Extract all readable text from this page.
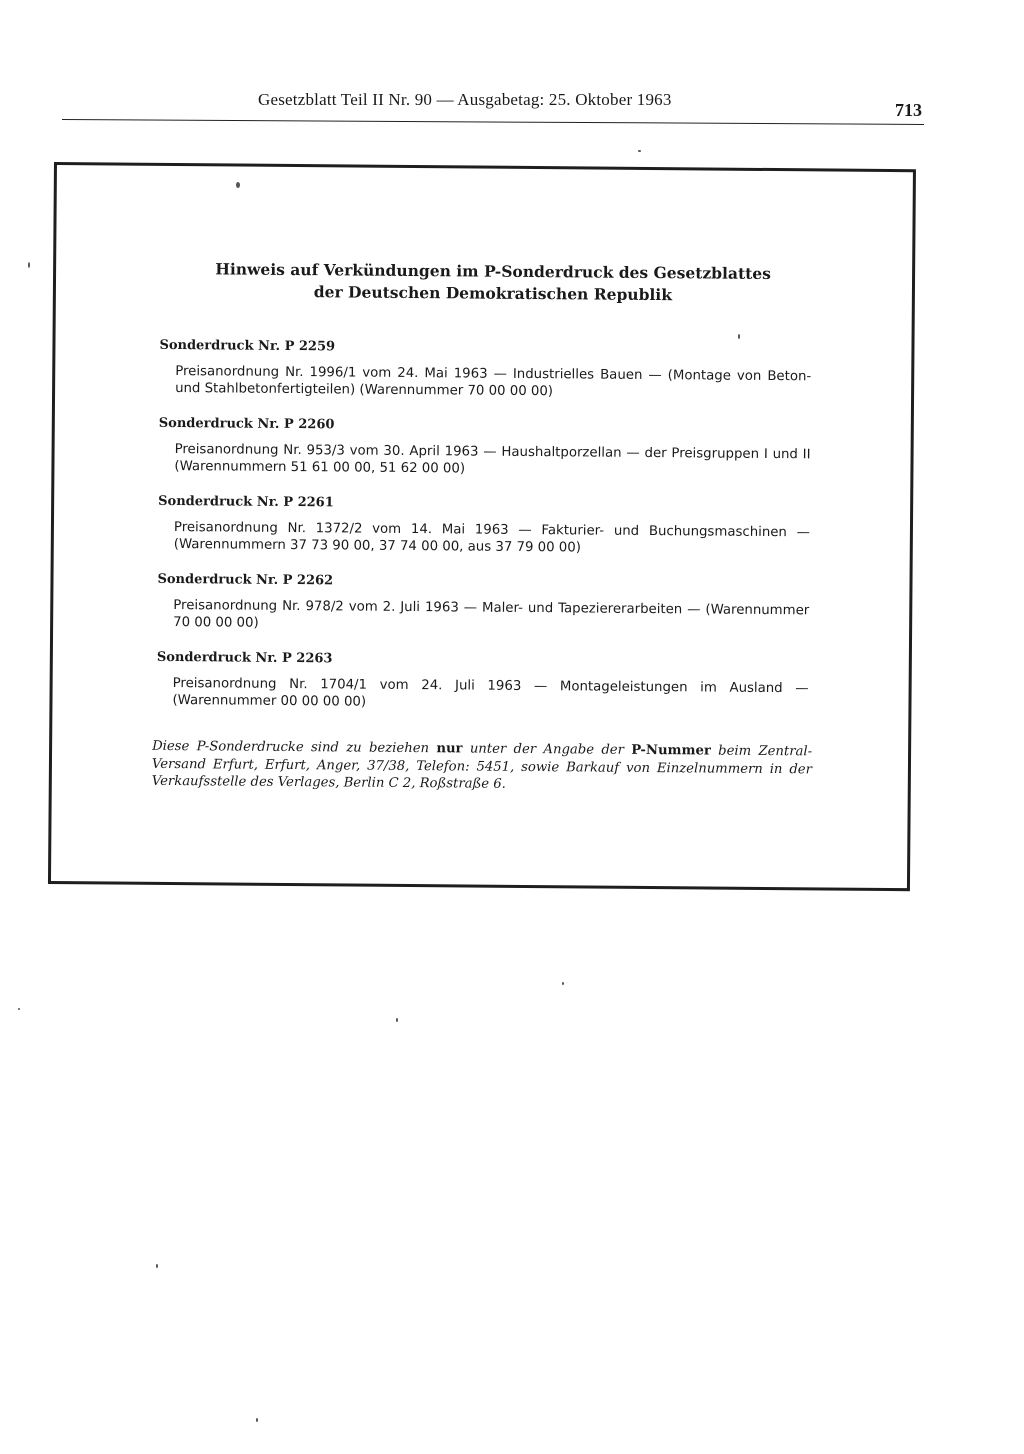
Gesetzblatt Teil II Nr. 90 — Ausgabetag: 25. Oktober 1963
713
Hinweis auf Verkündungen im P-Sonderdruck des Gesetzblattes
der Deutschen Demokratischen Republik
Sonderdruck Nr. P 2259
Preisanordnung Nr. 1996/1 vom 24. Mai 1963 — Industrielles Bauen — (Montage von Beton- und Stahlbetonfertigteilen) (Warennummer 70 00 00 00)
Sonderdruck Nr. P 2260
Preisanordnung Nr. 953/3 vom 30. April 1963 — Haushaltporzellan — der Preisgruppen I und II (Warennummern 51 61 00 00, 51 62 00 00)
Sonderdruck Nr. P 2261
Preisanordnung Nr. 1372/2 vom 14. Mai 1963 — Fakturier- und Buchungsmaschinen — (Warennummern 37 73 90 00, 37 74 00 00, aus 37 79 00 00)
Sonderdruck Nr. P 2262
Preisanordnung Nr. 978/2 vom 2. Juli 1963 — Maler- und Tapeziererarbeiten — (Warennummer 70 00 00 00)
Sonderdruck Nr. P 2263
Preisanordnung Nr. 1704/1 vom 24. Juli 1963 — Montageleistungen im Ausland — (Warennummer 00 00 00 00)
Diese P-Sonderdrucke sind zu beziehen nur unter der Angabe der P-Nummer beim Zentral-Versand Erfurt, Erfurt, Anger, 37/38, Telefon: 5451, sowie Barkauf von Einzelnummern in der Verkaufsstelle des Verlages, Berlin C 2, Roßstraße 6.
